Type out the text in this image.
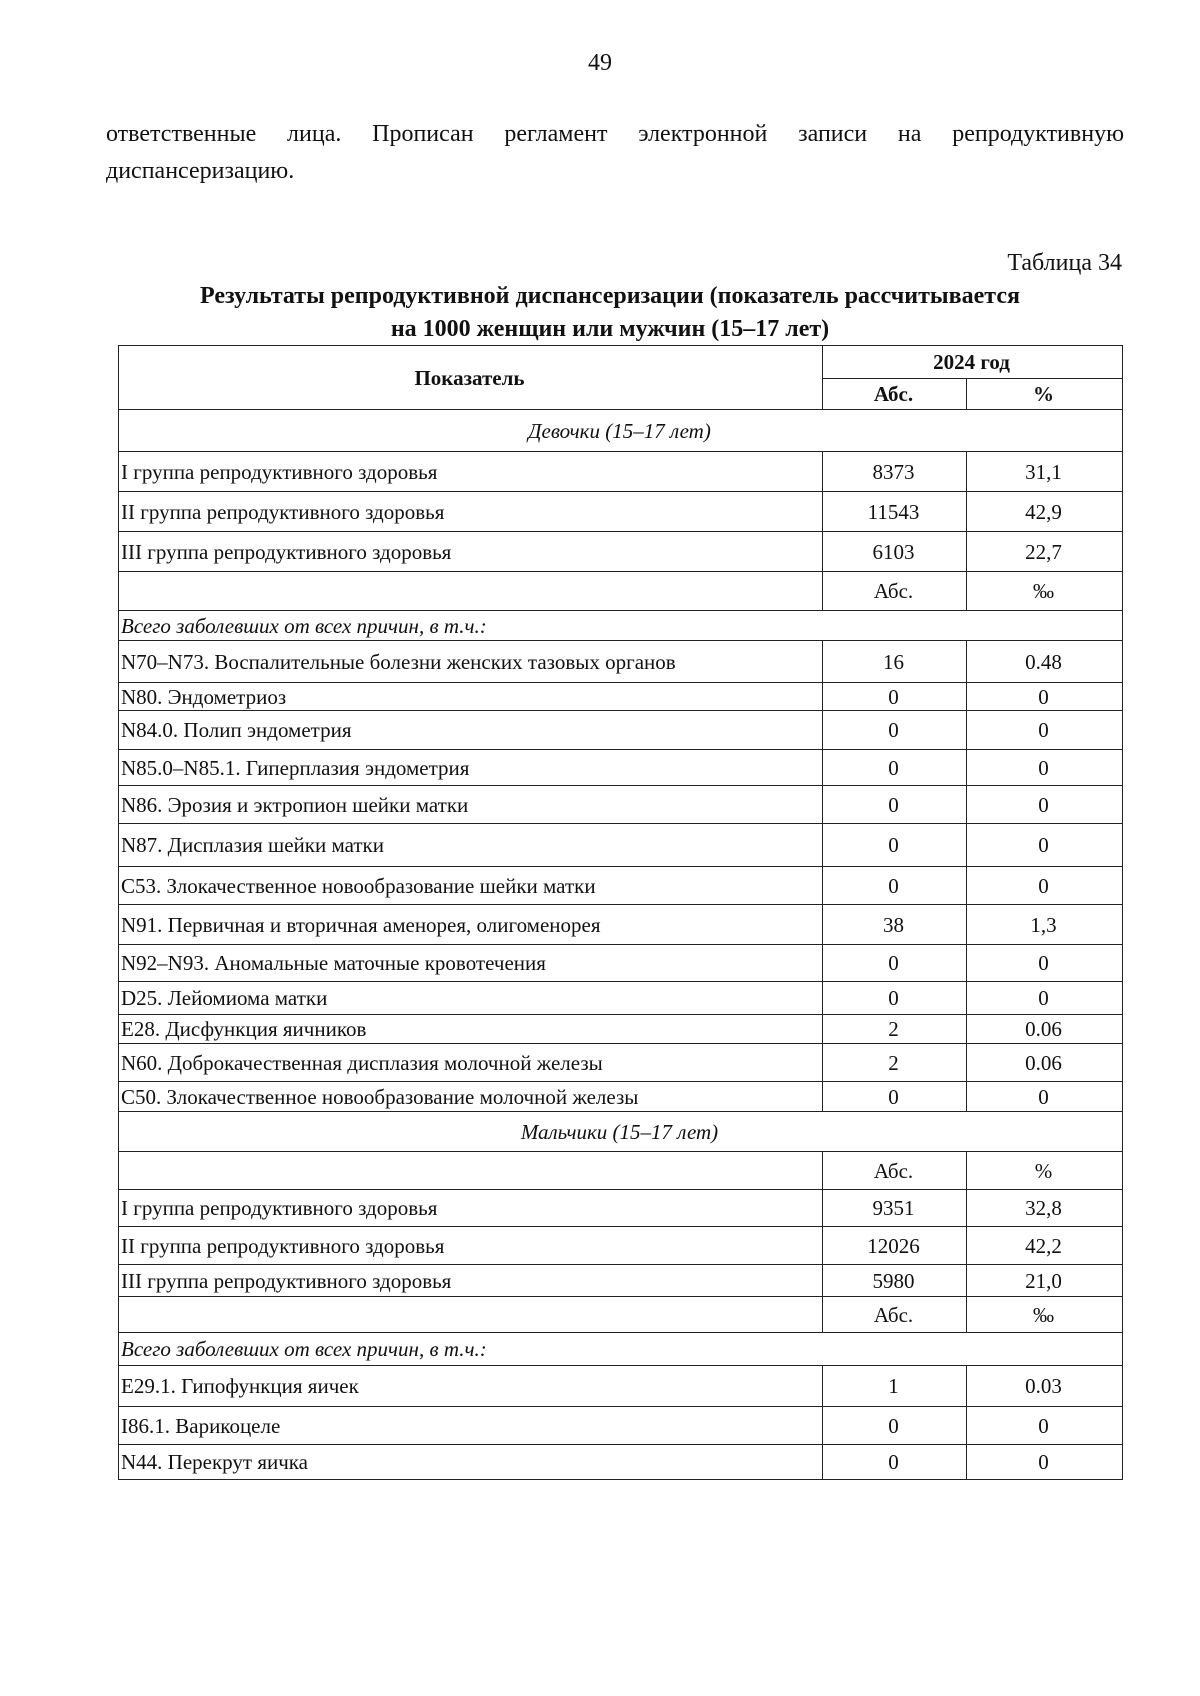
49
ответственные лица. Прописан регламент электронной записи на репродуктивную диспансеризацию.
Таблица 34
Результаты репродуктивной диспансеризации (показатель рассчитывается
на 1000 женщин или мужчин (15–17 лет)
Показатель	2024 год	
	Абс.	%
Девочки (15–17 лет)		
I группа репродуктивного здоровья	8373	31,1
II группа репродуктивного здоровья	11543	42,9
III группа репродуктивного здоровья	6103	22,7
	Абс.	‰
Всего заболевших от всех причин, в т.ч.:		
N70–N73. Воспалительные болезни женских тазовых органов	16	0.48
N80. Эндометриоз	0	0
N84.0. Полип эндометрия	0	0
N85.0–N85.1. Гиперплазия эндометрия	0	0
N86. Эрозия и эктропион шейки матки	0	0
N87. Дисплазия шейки матки	0	0
C53. Злокачественное новообразование шейки матки	0	0
N91. Первичная и вторичная аменорея, олигоменорея	38	1,3
N92–N93. Аномальные маточные кровотечения	0	0
D25. Лейомиома матки	0	0
E28. Дисфункция яичников	2	0.06
N60. Доброкачественная дисплазия молочной железы	2	0.06
C50. Злокачественное новообразование молочной железы	0	0
Мальчики (15–17 лет)		
	Абс.	%
I группа репродуктивного здоровья	9351	32,8
II группа репродуктивного здоровья	12026	42,2
III группа репродуктивного здоровья	5980	21,0
	Абс.	‰
Всего заболевших от всех причин, в т.ч.:		
E29.1. Гипофункция яичек	1	0.03
I86.1. Варикоцеле	0	0
N44. Перекрут яичка	0	0
